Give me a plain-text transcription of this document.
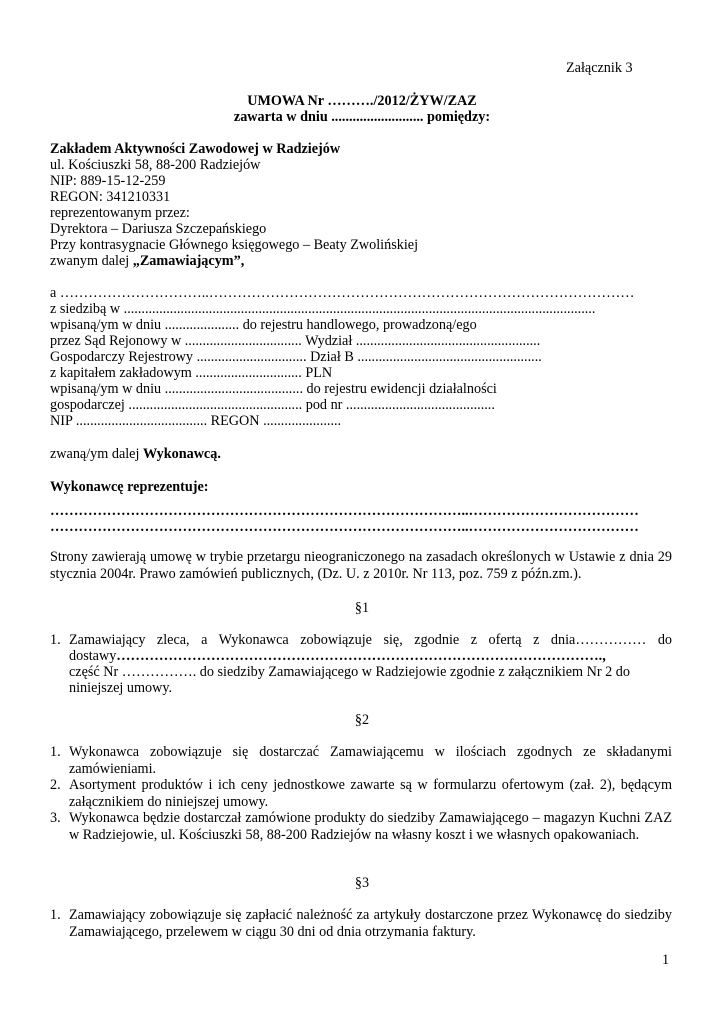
Załącznik 3
UMOWA Nr ………./2012/ŻYW/ZAZ
zawarta w dniu .......................... pomiędzy:
Zakładem Aktywności Zawodowej w Radziejów
ul. Kościuszki 58, 88-200 Radziejów
NIP: 889-15-12-259
REGON: 341210331
reprezentowanym przez:
Dyrektora – Dariusza Szczepańskiego
Przy kontrasygnacie Głównego księgowego – Beaty Zwolińskiej
zwanym dalej „Zamawiającym”,
a …………………………..………………………………………………………………………………
z siedzibą w .....................................................................................................................................
wpisaną/ym w dniu ..................... do rejestru handlowego, prowadzoną/ego
przez Sąd Rejonowy w ................................. Wydział ....................................................
Gospodarczy Rejestrowy ............................... Dział B ....................................................
z kapitałem zakładowym .............................. PLN
wpisaną/ym w dniu ....................................... do rejestru ewidencji działalności
gospodarczej ................................................. pod nr ..........................................
NIP ..................................... REGON ......................
zwaną/ym dalej Wykonawcą.
Wykonawcę reprezentuje:
……………………………………………………………………………..………………………………
……………………………………………………………………………..………………………………
Strony zawierają umowę w trybie przetargu nieograniczonego na zasadach określonych w Ustawie z dnia 29 stycznia 2004r. Prawo zamówień publicznych, (Dz. U. z 2010r. Nr 113, poz. 759 z późn.zm.).
§1
1. Zamawiający zleca, a Wykonawca zobowiązuje się, zgodnie z ofertą z dnia…………… do
dostawy………………………………………………………………………………………….,
część Nr ……………. do siedziby Zamawiającego w Radziejowie zgodnie z załącznikiem Nr 2 do
niniejszej umowy.
§2
1. Wykonawca zobowiązuje się dostarczać Zamawiającemu w ilościach zgodnych ze składanymi zamówieniami.
2. Asortyment produktów i ich ceny jednostkowe zawarte są w formularzu ofertowym (zał. 2), będącym załącznikiem do niniejszej umowy.
3. Wykonawca będzie dostarczał zamówione produkty do siedziby Zamawiającego – magazyn Kuchni ZAZ w Radziejowie, ul. Kościuszki 58, 88-200 Radziejów na własny koszt i we własnych opakowaniach.
§3
1. Zamawiający zobowiązuje się zapłacić należność za artykuły dostarczone przez Wykonawcę do siedziby Zamawiającego, przelewem w ciągu 30 dni od dnia otrzymania faktury.
1
